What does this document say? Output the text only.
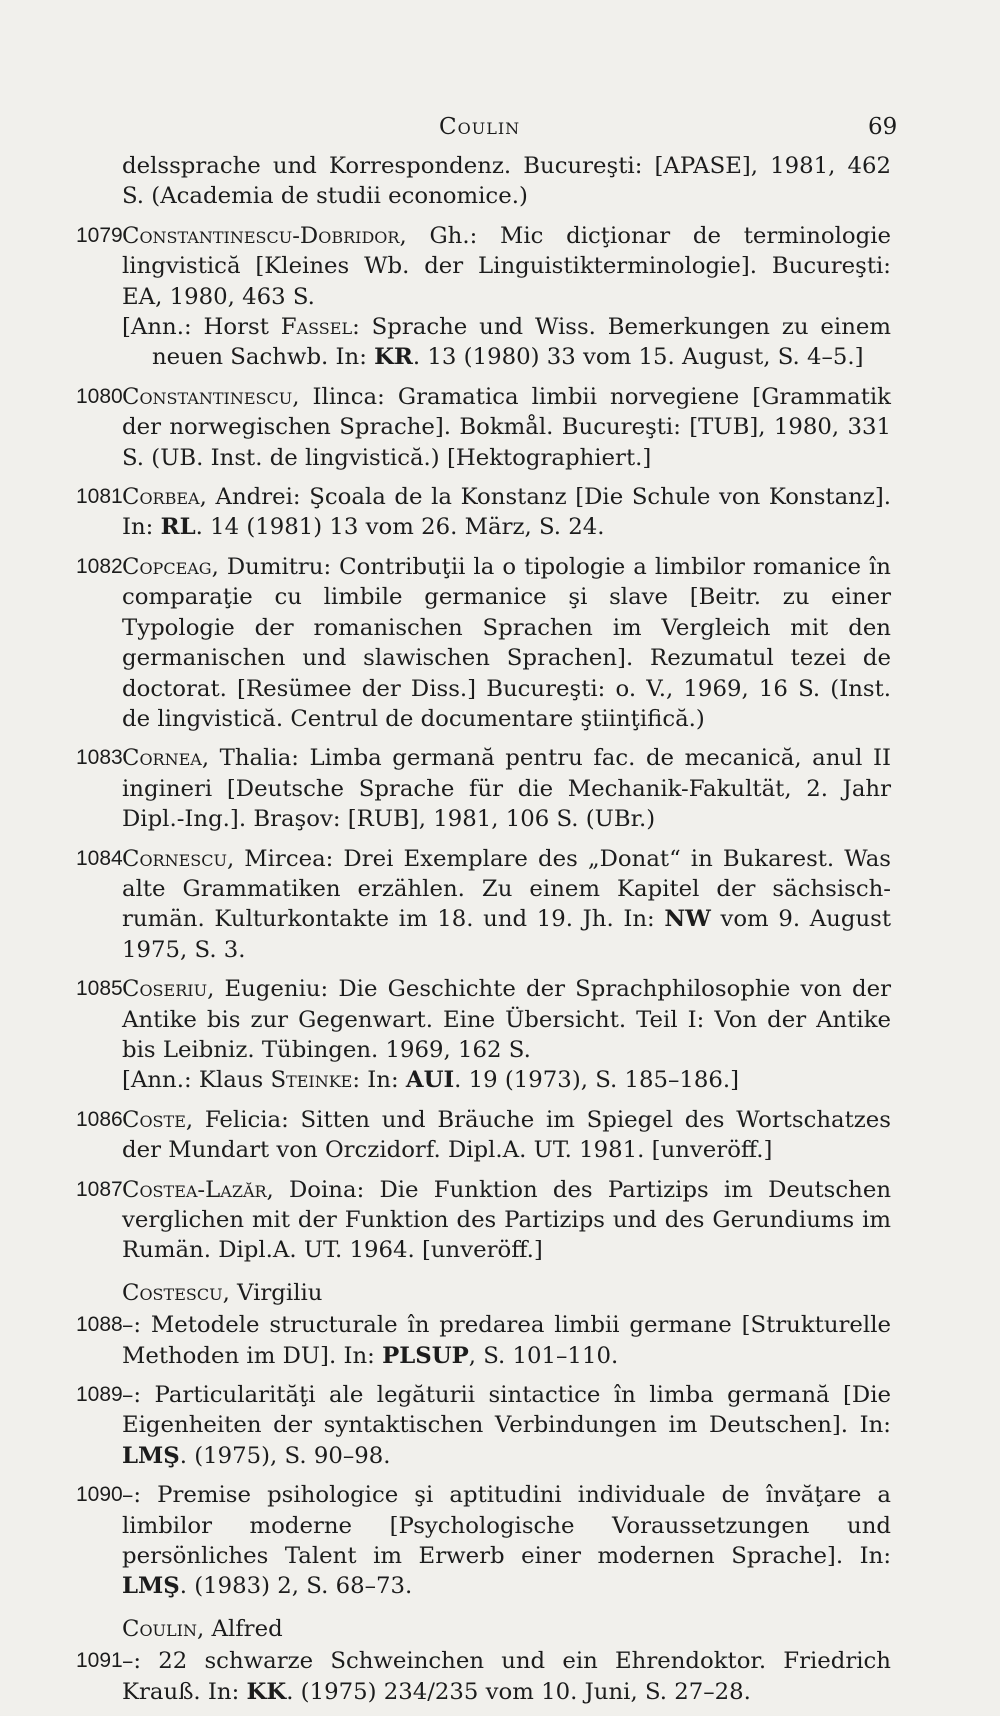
Coulin	69
delssprache und Korrespondenz. Bucureşti: [APASE], 1981, 462 S. (Academia de studii economice.)
1079 Constantinescu-Dobridor, Gh.: Mic dicţionar de terminologie lingvistică [Kleines Wb. der Linguistikterminologie]. Bucureşti: EA, 1980, 463 S.
[Ann.: Horst Fassel: Sprache und Wiss. Bemerkungen zu einem neuen Sachwb. In: KR. 13 (1980) 33 vom 15. August, S. 4–5.]
1080 Constantinescu, Ilinca: Gramatica limbii norvegiene [Grammatik der norwegischen Sprache]. Bokmål. Bucureşti: [TUB], 1980, 331 S. (UB. Inst. de lingvistică.) [Hektographiert.]
1081 Corbea, Andrei: Şcoala de la Konstanz [Die Schule von Konstanz]. In: RL. 14 (1981) 13 vom 26. März, S. 24.
1082 Copceag, Dumitru: Contribuţii la o tipologie a limbilor romanice în comparaţie cu limbile germanice şi slave [Beitr. zu einer Typologie der romanischen Sprachen im Vergleich mit den germanischen und slawischen Sprachen]. Rezumatul tezei de doctorat. [Resümee der Diss.] Bucureşti: o. V., 1969, 16 S. (Inst. de lingvistică. Centrul de documentare ştiinţifică.)
1083 Cornea, Thalia: Limba germană pentru fac. de mecanică, anul II ingineri [Deutsche Sprache für die Mechanik-Fakultät, 2. Jahr Dipl.-Ing.]. Braşov: [RUB], 1981, 106 S. (UBr.)
1084 Cornescu, Mircea: Drei Exemplare des „Donat“ in Bukarest. Was alte Grammatiken erzählen. Zu einem Kapitel der sächsisch-rumän. Kulturkontakte im 18. und 19. Jh. In: NW vom 9. August 1975, S. 3.
1085 Coseriu, Eugeniu: Die Geschichte der Sprachphilosophie von der Antike bis zur Gegenwart. Eine Übersicht. Teil I: Von der Antike bis Leibniz. Tübingen. 1969, 162 S.
[Ann.: Klaus Steinke: In: AUI. 19 (1973), S. 185–186.]
1086 Coste, Felicia: Sitten und Bräuche im Spiegel des Wortschatzes der Mundart von Orczidorf. Dipl.A. UT. 1981. [unveröff.]
1087 Costea-Lazăr, Doina: Die Funktion des Partizips im Deutschen verglichen mit der Funktion des Partizips und des Gerundiums im Rumän. Dipl.A. UT. 1964. [unveröff.]
Costescu, Virgiliu
1088 –: Metodele structurale în predarea limbii germane [Strukturelle Methoden im DU]. In: PLSUP, S. 101–110.
1089 –: Particularităţi ale legăturii sintactice în limba germană [Die Eigenheiten der syntaktischen Verbindungen im Deutschen]. In: LMŞ. (1975), S. 90–98.
1090 –: Premise psihologice şi aptitudini individuale de învăţare a limbilor moderne [Psychologische Voraussetzungen und persönliches Talent im Erwerb einer modernen Sprache]. In: LMŞ. (1983) 2, S. 68–73.
Coulin, Alfred
1091 –: 22 schwarze Schweinchen und ein Ehrendoktor. Friedrich Krauß. In: KK. (1975) 234/235 vom 10. Juni, S. 27–28.
